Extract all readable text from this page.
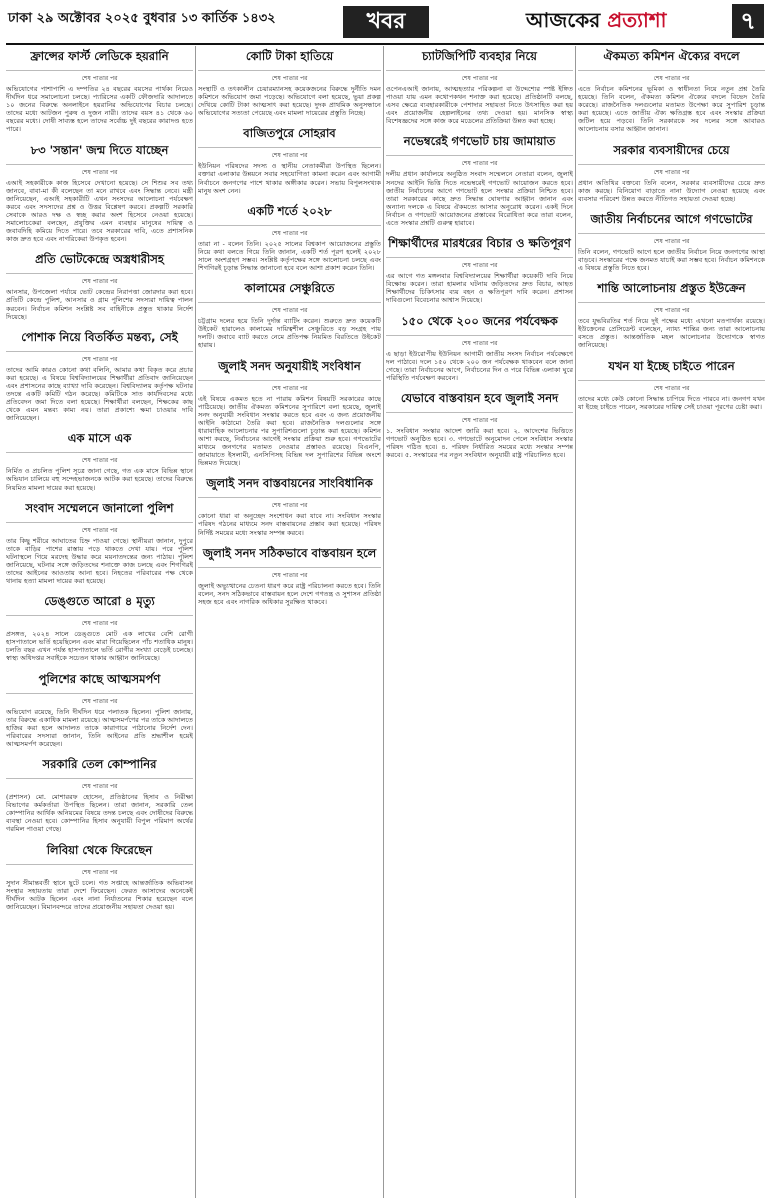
ঢাকা ২৯ অক্টোবর ২০২৫ বুধবার ১৩ কার্তিক ১৪৩২	খবর	আজকের প্রত্যাশা	৭
ফ্রান্সের ফার্স্ট লেডিকে হয়রানি
শেষ পাতার পর

অভিযোগের পাশাপাশি এ দম্পতির ২৪ বছরের বয়সের পার্থক্য নিয়েও দীর্ঘদিন ধরে সমালোচনা চলছে। প্যারিসের একটি ফৌজদারি আদালতে ১০ জনের বিরুদ্ধে অনলাইনে হয়রানির অভিযোগের বিচার চলছে। তাদের মধ্যে আটজন পুরুষ ও দুজন নারী। তাদের বয়স ৪১ থেকে ৬০ বছরের মধ্যে। দোষী সাব্যস্ত হলে তাদের সর্বোচ্চ দুই বছরের কারাদণ্ড হতে পারে।

৮৩ 'সন্তান' জন্ম দিতে যাচ্ছেন
শেষ পাতার পর

এআই সহকারীকে কাজ হিসেবে দেখানো হয়েছে। সে শিশুর সব তথ্য জানবে, বাবা-মা কী বলেছেন তা মনে রাখবে এবং সিদ্ধান্ত নেবে। মন্ত্রী জানিয়েছেন, এআই সহকারীটি এখন সংসদের আলোচনা পর্যবেক্ষণ করবে এবং সদস্যদের প্রশ্ন ও উত্তর বিশ্লেষণ করবে। প্রকল্পটি সরকারি সেবাকে আরও দক্ষ ও স্বচ্ছ করার অংশ হিসেবে নেওয়া হয়েছে। সমালোচকেরা বলছেন, প্রযুক্তির এমন ব্যবহার মানুষের দায়িত্ব ও জবাবদিহি কমিয়ে দিতে পারে। তবে সরকারের দাবি, এতে প্রশাসনিক কাজ দ্রুত হবে এবং নাগরিকেরা উপকৃত হবেন।

প্রতি ভোটকেন্দ্রে অস্ত্রধারীসহ
শেষ পাতার পর

আনসার, উপজেলা পর্যায়ে ভোট কেন্দ্রের নিরাপত্তা জোরদার করা হবে। প্রতিটি কেন্দ্রে পুলিশ, আনসার ও গ্রাম পুলিশের সদস্যরা দায়িত্ব পালন করবেন। নির্বাচন কমিশন সংশ্লিষ্ট সব বাহিনীকে প্রস্তুত থাকার নির্দেশ দিয়েছে।

পোশাক নিয়ে বিতর্কিত মন্তব্য, সেই
শেষ পাতার পর

তাদের আমি কারও কোনো কথা বলিনি, আমার কথা বিকৃত করে প্রচার করা হয়েছে। এ বিষয়ে বিশ্ববিদ্যালয়ের শিক্ষার্থীরা প্রতিবাদ জানিয়েছেন এবং প্রশাসনের কাছে ব্যাখ্যা দাবি করেছেন। বিশ্ববিদ্যালয় কর্তৃপক্ষ ঘটনার তদন্তে একটি কমিটি গঠন করেছে। কমিটিকে সাত কার্যদিবসের মধ্যে প্রতিবেদন জমা দিতে বলা হয়েছে। শিক্ষার্থীরা বলছেন, শিক্ষকের কাছ থেকে এমন মন্তব্য কাম্য নয়। তারা প্রকাশ্যে ক্ষমা চাওয়ার দাবি জানিয়েছেন।

এক মাসে এক
শেষ পাতার পর

নির্মিত ও প্রচলিত পুলিশ সূত্রে জানা গেছে, গত এক মাসে বিভিন্ন স্থানে অভিযান চালিয়ে বহু সন্দেহভাজনকে আটক করা হয়েছে। তাদের বিরুদ্ধে নিয়মিত মামলা দায়ের করা হয়েছে।

সংবাদ সম্মেলনে জানালো পুলিশ
শেষ পাতার পর

তার কিছু শরীরে আঘাতের চিহ্ন পাওয়া গেছে। স্থানীয়রা জানান, দুপুরে তাকে বাড়ির পাশের রাস্তায় পড়ে থাকতে দেখা যায়। পরে পুলিশ ঘটনাস্থলে গিয়ে মরদেহ উদ্ধার করে ময়নাতদন্তের জন্য পাঠায়। পুলিশ জানিয়েছে, ঘটনার সঙ্গে জড়িতদের শনাক্তে কাজ চলছে এবং শিগগিরই তাদের আইনের আওতায় আনা হবে। নিহতের পরিবারের পক্ষ থেকে থানায় হত্যা মামলা দায়ের করা হয়েছে।

ডেঙ্গুতে আরো ৪ মৃত্যু
শেষ পাতার পর

প্রসঙ্গত, ২০২৪ সালে ডেঙ্গুতে মোট এক লাখের বেশি রোগী হাসপাতালে ভর্তি হয়েছিলেন এবং মারা গিয়েছিলেন পাঁচ শতাধিক মানুষ। চলতি বছর এখন পর্যন্ত হাসপাতালে ভর্তি রোগীর সংখ্যা বেড়েই চলেছে। স্বাস্থ্য অধিদপ্তর সবাইকে সচেতন থাকার আহ্বান জানিয়েছে।

পুলিশের কাছে আত্মসমর্পণ
শেষ পাতার পর

অভিযোগ রয়েছে, তিনি দীর্ঘদিন ধরে পলাতক ছিলেন। পুলিশ জানায়, তার বিরুদ্ধে একাধিক মামলা রয়েছে। আত্মসমর্পণের পর তাকে আদালতে হাজির করা হলে আদালত তাকে কারাগারে পাঠানোর নির্দেশ দেন। পরিবারের সদস্যরা জানান, তিনি আইনের প্রতি শ্রদ্ধাশীল হয়েই আত্মসমর্পণ করেছেন।

সরকারি তেল কোম্পানির
শেষ পাতার পর

(প্রশাসন) মো. মোশাররফ হোসেন, প্রতিষ্ঠানের হিসাব ও নিরীক্ষা বিভাগের কর্মকর্তারা উপস্থিত ছিলেন। তারা জানান, সরকারি তেল কোম্পানির আর্থিক অনিয়মের বিষয়ে তদন্ত চলছে এবং দোষীদের বিরুদ্ধে ব্যবস্থা নেওয়া হবে। কোম্পানির হিসাব অনুযায়ী বিপুল পরিমাণ অর্থের গরমিল পাওয়া গেছে।

লিবিয়া থেকে ফিরেছেন
শেষ পাতার পর

সুদান সীমান্তবর্তী স্থানে ছুটে চলে। গত সপ্তাহে আন্তর্জাতিক অভিবাসন সংস্থার সহায়তায় তারা দেশে ফিরেছেন। ফেরত আসাদের অনেকেই দীর্ঘদিন আটক ছিলেন এবং নানা নির্যাতনের শিকার হয়েছেন বলে জানিয়েছেন। বিমানবন্দরে তাদের প্রয়োজনীয় সহায়তা দেওয়া হয়।

কোটি টাকা হাতিয়ে
শেষ পাতার পর

সংস্থাটি ও তৎকালীন চেয়ারম্যানসহ কয়েকজনের বিরুদ্ধে দুর্নীতি দমন কমিশনে অভিযোগ জমা পড়েছে। অভিযোগে বলা হয়েছে, ভুয়া প্রকল্প দেখিয়ে কোটি টাকা আত্মসাৎ করা হয়েছে। দুদক প্রাথমিক অনুসন্ধানে অভিযোগের সত্যতা পেয়েছে এবং মামলা দায়েরের প্রস্তুতি নিচ্ছে।

বাজিতপুরে সোহরাব
শেষ পাতার পর

ইউনিয়ন পরিষদের সদস্য ও স্থানীয় নেতাকর্মীরা উপস্থিত ছিলেন। বক্তারা এলাকার উন্নয়নে সবার সহযোগিতা কামনা করেন এবং আগামী নির্বাচনে জনগণের পাশে থাকার অঙ্গীকার করেন। সভায় বিপুলসংখ্যক মানুষ অংশ নেন।

একটি শর্তে ২০২৮
শেষ পাতার পর

তারা না - বলেন তিনি। ২০২৫ সালের বিশ্বকাপ আয়োজনের প্রস্তুতি নিয়ে কথা বলতে গিয়ে তিনি জানান, একটি শর্ত পূরণ হলেই ২০২৮ সালে অংশগ্রহণ সম্ভব। সংশ্লিষ্ট কর্তৃপক্ষের সঙ্গে আলোচনা চলছে এবং শিগগিরই চূড়ান্ত সিদ্ধান্ত জানানো হবে বলে আশা প্রকাশ করেন তিনি।

কালামের সেঞ্চুরিতে
শেষ পাতার পর

চট্টগ্রাম দলের হয়ে তিনি দুর্দান্ত ব্যাটিং করেন। শুরুতে দ্রুত কয়েকটি উইকেট হারালেও কালামের দায়িত্বশীল সেঞ্চুরিতে বড় সংগ্রহ পায় দলটি। জবাবে ব্যাট করতে নেমে প্রতিপক্ষ নিয়মিত বিরতিতে উইকেট হারায়।

জুলাই সনদ অনুযায়ীই সংবিধান
শেষ পাতার পর

এই বিষয়ে একমত হতে না পারায় কমিশন বিষয়টি সরকারের কাছে পাঠিয়েছে। জাতীয় ঐকমত্য কমিশনের সুপারিশে বলা হয়েছে, জুলাই সনদ অনুযায়ী সংবিধান সংস্কার করতে হবে এবং এ জন্য প্রয়োজনীয় আইনি কাঠামো তৈরি করা হবে। রাজনৈতিক দলগুলোর সঙ্গে ধারাবাহিক আলোচনার পর সুপারিশগুলো চূড়ান্ত করা হয়েছে। কমিশন আশা করছে, নির্বাচনের আগেই সংস্কার প্রক্রিয়া শুরু হবে। গণভোটের মাধ্যমে জনগণের মতামত নেওয়ার প্রস্তাবও রয়েছে। বিএনপি, জামায়াতে ইসলামী, এনসিপিসহ বিভিন্ন দল সুপারিশের বিভিন্ন অংশে ভিন্নমত দিয়েছে।

জুলাই সনদ বাস্তবায়নের সাংবিধানিক
শেষ পাতার পর

কোনো ধারা বা অনুচ্ছেদ সংশোধন করা যাবে না। সংবিধান সংস্কার পরিষদ গঠনের মাধ্যমে সনদ বাস্তবায়নের প্রস্তাব করা হয়েছে। পরিষদ নির্দিষ্ট সময়ের মধ্যে সংস্কার সম্পন্ন করবে।

জুলাই সনদ সঠিকভাবে বাস্তবায়ন হলে
শেষ পাতার পর

জুলাই অভ্যুত্থানের চেতনা ধারণ করে রাষ্ট্র পরিচালনা করতে হবে। তিনি বলেন, সনদ সঠিকভাবে বাস্তবায়ন হলে দেশে গণতন্ত্র ও সুশাসন প্রতিষ্ঠা সহজ হবে এবং নাগরিক অধিকার সুরক্ষিত থাকবে।

চ্যাটজিপিটি ব্যবহার নিয়ে
শেষ পাতার পর

ওপেনএআই জানায়, আত্মহত্যার পরিকল্পনা বা উদ্দেশ্যের স্পষ্ট ইঙ্গিত পাওয়া যায় এমন কথোপকথন শনাক্ত করা হয়েছে। প্রতিষ্ঠানটি বলছে, এসব ক্ষেত্রে ব্যবহারকারীকে পেশাদার সহায়তা নিতে উৎসাহিত করা হয় এবং প্রয়োজনীয় হেল্পলাইনের তথ্য দেওয়া হয়। মানসিক স্বাস্থ্য বিশেষজ্ঞদের সঙ্গে কাজ করে মডেলের প্রতিক্রিয়া উন্নত করা হচ্ছে।

নভেম্বরেই গণভোট চায় জামায়াত
শেষ পাতার পর

দলীয় প্রধান কার্যালয়ে অনুষ্ঠিত সংবাদ সম্মেলনে নেতারা বলেন, জুলাই সনদের আইনি ভিত্তি দিতে নভেম্বরেই গণভোট আয়োজন করতে হবে। জাতীয় নির্বাচনের আগে গণভোট হলে সংস্কার প্রক্রিয়া নিশ্চিত হবে। তারা সরকারের কাছে দ্রুত সিদ্ধান্ত ঘোষণার আহ্বান জানান এবং অন্যান্য দলকে এ বিষয়ে ঐকমত্যে আসার অনুরোধ করেন। একই দিনে নির্বাচন ও গণভোট আয়োজনের প্রস্তাবের বিরোধিতা করে তারা বলেন, এতে সংস্কার প্রশ্নটি গুরুত্ব হারাবে।

শিক্ষার্থীদের মারধরের বিচার ও ক্ষতিপূরণ
শেষ পাতার পর

এর আগে গত মঙ্গলবার বিশ্ববিদ্যালয়ের শিক্ষার্থীরা কয়েকটি দাবি নিয়ে বিক্ষোভ করেন। তারা হামলার ঘটনায় জড়িতদের দ্রুত বিচার, আহত শিক্ষার্থীদের চিকিৎসার ব্যয় বহন ও ক্ষতিপূরণ দাবি করেন। প্রশাসন দাবিগুলো বিবেচনার আশ্বাস দিয়েছে।

১৫০ থেকে ২০০ জনের পর্যবেক্ষক
শেষ পাতার পর

এ ছাড়া ইউরোপীয় ইউনিয়ন আগামী জাতীয় সংসদ নির্বাচন পর্যবেক্ষণে দল পাঠাবে। দলে ১৫০ থেকে ২০০ জন পর্যবেক্ষক থাকবেন বলে জানা গেছে। তারা নির্বাচনের আগে, নির্বাচনের দিন ও পরে বিভিন্ন এলাকা ঘুরে পরিস্থিতি পর্যবেক্ষণ করবেন।

যেভাবে বাস্তবায়ন হবে জুলাই সনদ
শেষ পাতার পর

১. সংবিধান সংস্কার আদেশ জারি করা হবে। ২. আদেশের ভিত্তিতে গণভোট অনুষ্ঠিত হবে। ৩. গণভোটে অনুমোদন পেলে সংবিধান সংস্কার পরিষদ গঠিত হবে। ৪. পরিষদ নির্ধারিত সময়ের মধ্যে সংস্কার সম্পন্ন করবে। ৫. সংস্কারের পর নতুন সংবিধান অনুযায়ী রাষ্ট্র পরিচালিত হবে।

ঐকমত্য কমিশন ঐক্যের বদলে
শেষ পাতার পর

এতে নির্বাচন কমিশনের ভূমিকা ও স্বাধীনতা নিয়ে নতুন প্রশ্ন তৈরি হয়েছে। তিনি বলেন, ঐকমত্য কমিশন ঐক্যের বদলে বিভেদ তৈরি করেছে। রাজনৈতিক দলগুলোর মতামত উপেক্ষা করে সুপারিশ চূড়ান্ত করা হয়েছে। এতে জাতীয় ঐক্য ক্ষতিগ্রস্ত হবে এবং সংস্কার প্রক্রিয়া জটিল হয়ে পড়বে। তিনি সরকারকে সব দলের সঙ্গে আবারও আলোচনায় বসার আহ্বান জানান।

সরকার ব্যবসায়ীদের চেয়ে
শেষ পাতার পর

প্রধান অতিথির বক্তব্যে তিনি বলেন, সরকার ব্যবসায়ীদের চেয়ে দ্রুত কাজ করছে। বিনিয়োগ বাড়াতে নানা উদ্যোগ নেওয়া হয়েছে এবং ব্যবসার পরিবেশ উন্নত করতে নীতিগত সহায়তা দেওয়া হচ্ছে।

জাতীয় নির্বাচনের আগে গণভোটের
শেষ পাতার পর

তিনি বলেন, গণভোট আগে হলে জাতীয় নির্বাচন নিয়ে জনগণের আস্থা বাড়বে। সংস্কারের পক্ষে জনমত যাচাই করা সম্ভব হবে। নির্বাচন কমিশনকে এ বিষয়ে প্রস্তুতি নিতে হবে।

শান্তি আলোচনায় প্রস্তুত ইউক্রেন
শেষ পাতার পর

তবে যুদ্ধবিরতির শর্ত নিয়ে দুই পক্ষের মধ্যে এখনো মতপার্থক্য রয়েছে। ইউক্রেনের প্রেসিডেন্ট বলেছেন, ন্যায্য শান্তির জন্য তারা আলোচনায় বসতে প্রস্তুত। আন্তর্জাতিক মহল আলোচনার উদ্যোগকে স্বাগত জানিয়েছে।

যখন যা ইচ্ছে চাইতে পারেন
শেষ পাতার পর

তাদের মধ্যে কেউ কোনো সিদ্ধান্ত চাপিয়ে দিতে পারবে না। জনগণ যখন যা ইচ্ছে চাইতে পারেন, সরকারের দায়িত্ব সেই চাওয়া পূরণের চেষ্টা করা।
